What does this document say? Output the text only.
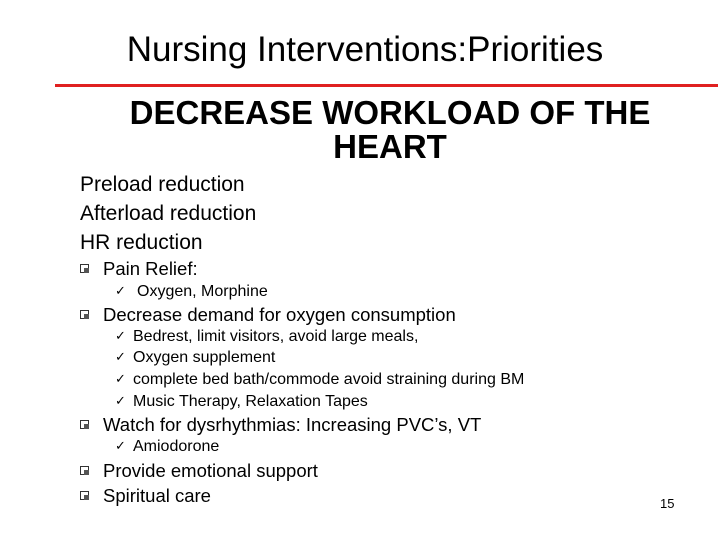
Nursing Interventions:Priorities
DECREASE WORKLOAD OF THE
HEART
Preload reduction
Afterload reduction
HR reduction
Pain Relief:
✓ Oxygen, Morphine
Decrease demand for oxygen consumption
✓ Bedrest, limit visitors, avoid large meals,
✓ Oxygen supplement
✓ complete bed bath/commode avoid straining during BM
✓ Music Therapy, Relaxation Tapes
Watch for dysrhythmias: Increasing PVC’s, VT
✓ Amiodorone
Provide emotional support
Spiritual care	15
